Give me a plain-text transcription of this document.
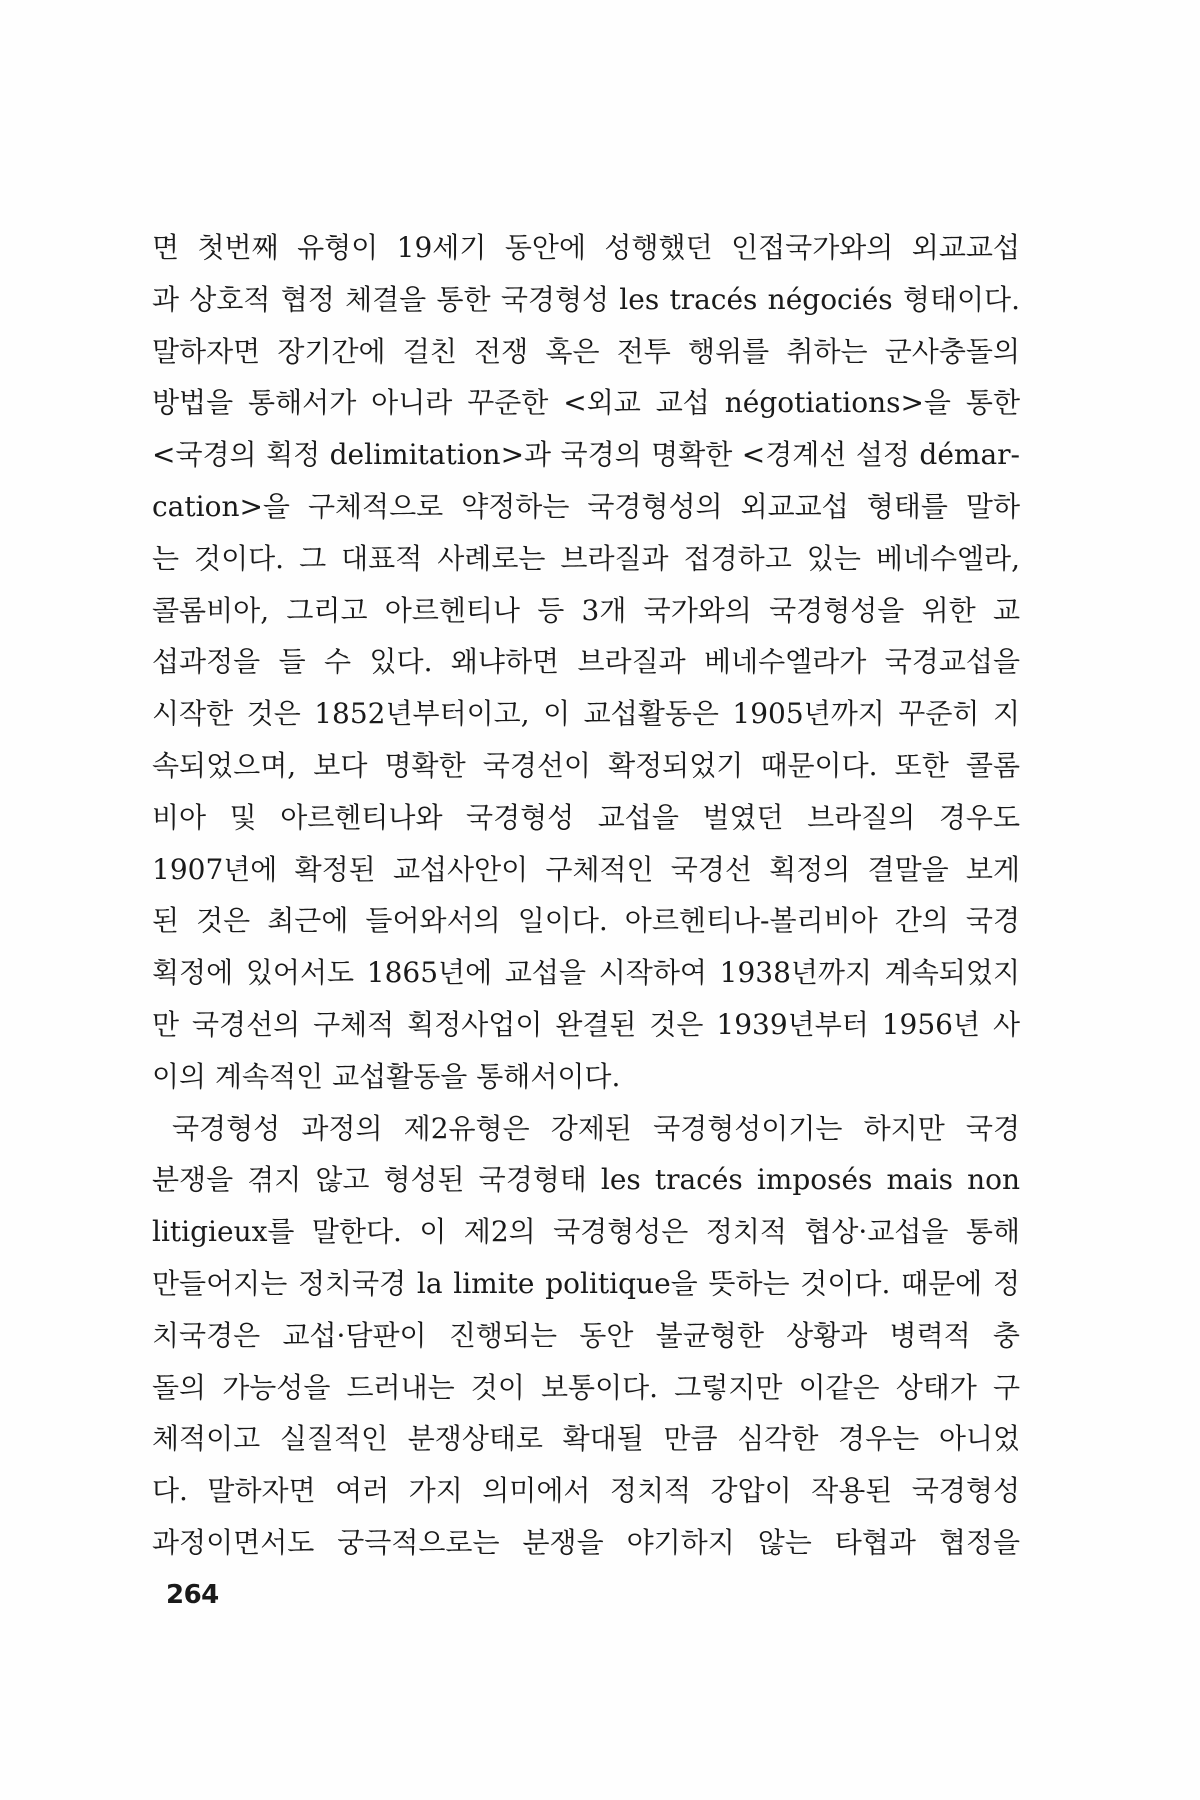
면 첫번째 유형이 19세기 동안에 성행했던 인접국가와의 외교교섭
과 상호적 협정 체결을 통한 국경형성 les tracés négociés 형태이다.
말하자면 장기간에 걸친 전쟁 혹은 전투 행위를 취하는 군사충돌의
방법을 통해서가 아니라 꾸준한 <외교 교섭 négotiations>을 통한
<국경의 획정 delimitation>과 국경의 명확한 <경계선 설정 démar-
cation>을 구체적으로 약정하는 국경형성의 외교교섭 형태를 말하
는 것이다. 그 대표적 사례로는 브라질과 접경하고 있는 베네수엘라,
콜롬비아, 그리고 아르헨티나 등 3개 국가와의 국경형성을 위한 교
섭과정을 들 수 있다. 왜냐하면 브라질과 베네수엘라가 국경교섭을
시작한 것은 1852년부터이고, 이 교섭활동은 1905년까지 꾸준히 지
속되었으며, 보다 명확한 국경선이 확정되었기 때문이다. 또한 콜롬
비아 및 아르헨티나와 국경형성 교섭을 벌였던 브라질의 경우도
1907년에 확정된 교섭사안이 구체적인 국경선 획정의 결말을 보게
된 것은 최근에 들어와서의 일이다. 아르헨티나-볼리비아 간의 국경
획정에 있어서도 1865년에 교섭을 시작하여 1938년까지 계속되었지
만 국경선의 구체적 획정사업이 완결된 것은 1939년부터 1956년 사
이의 계속적인 교섭활동을 통해서이다.
국경형성 과정의 제2유형은 강제된 국경형성이기는 하지만 국경
분쟁을 겪지 않고 형성된 국경형태 les tracés imposés mais non
litigieux를 말한다. 이 제2의 국경형성은 정치적 협상·교섭을 통해
만들어지는 정치국경 la limite politique을 뜻하는 것이다. 때문에 정
치국경은 교섭·담판이 진행되는 동안 불균형한 상황과 병력적 충
돌의 가능성을 드러내는 것이 보통이다. 그렇지만 이같은 상태가 구
체적이고 실질적인 분쟁상태로 확대될 만큼 심각한 경우는 아니었
다. 말하자면 여러 가지 의미에서 정치적 강압이 작용된 국경형성
과정이면서도 궁극적으로는 분쟁을 야기하지 않는 타협과 협정을
264
